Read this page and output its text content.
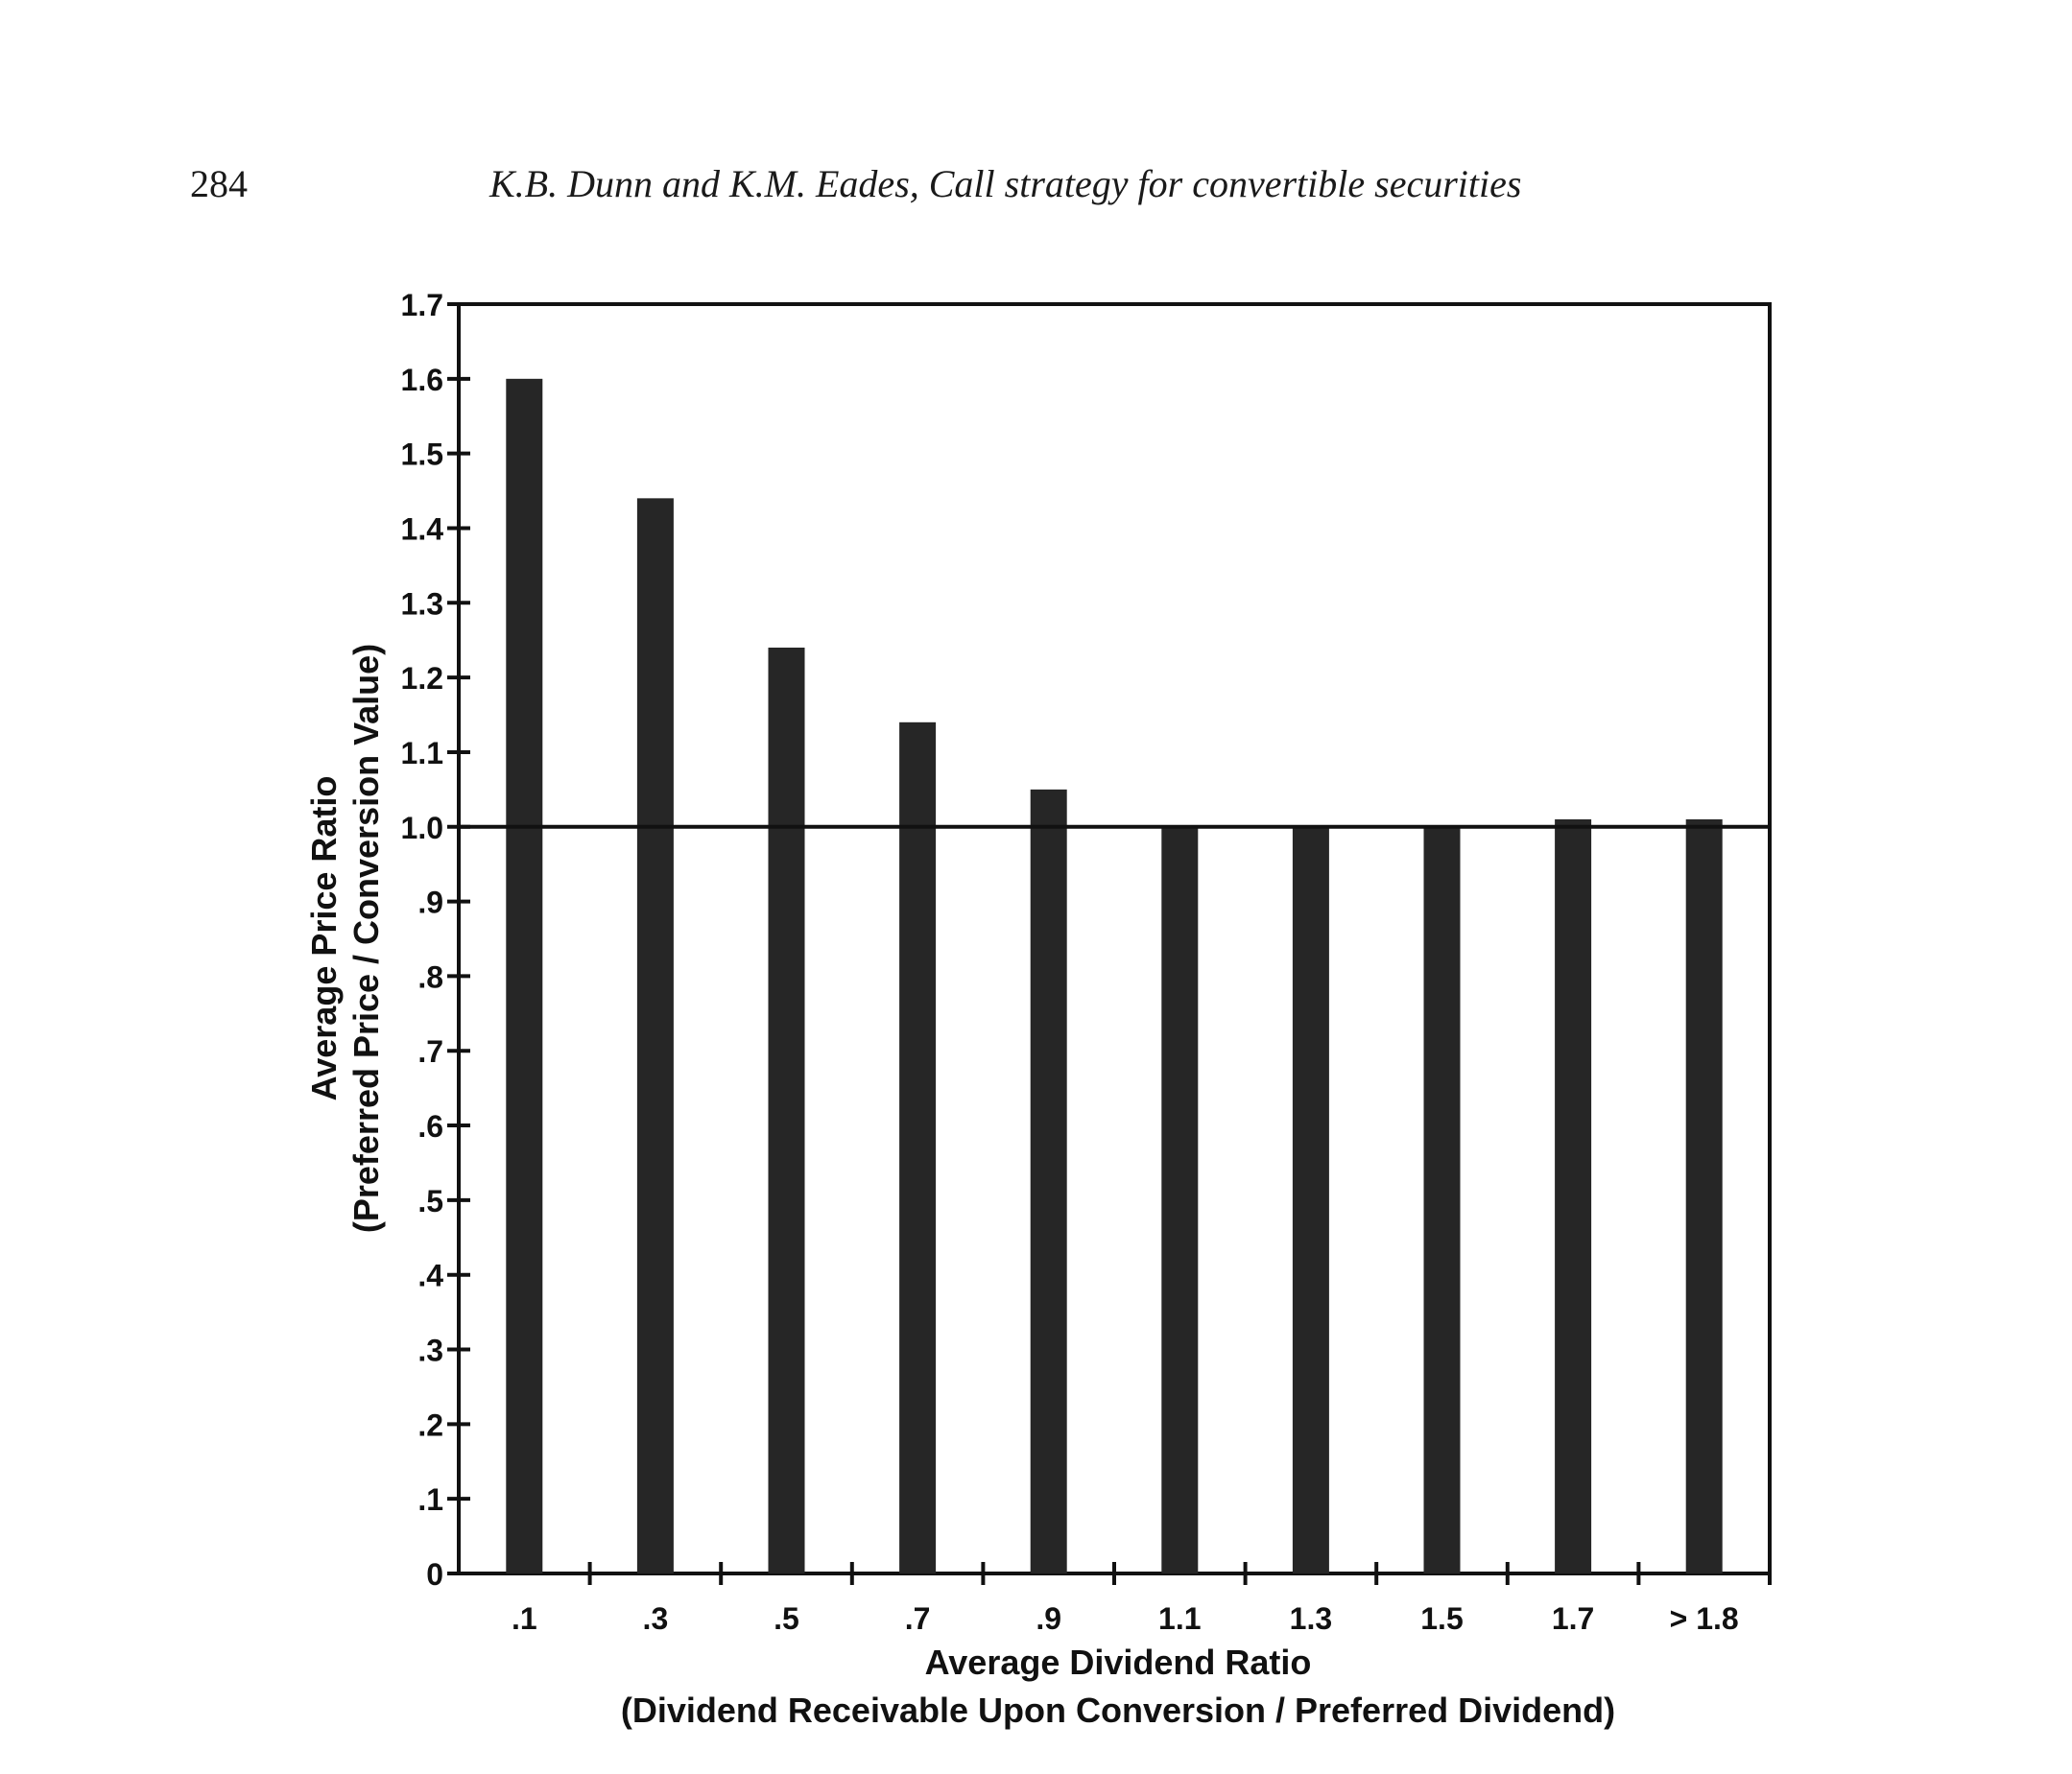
284	K.B. Dunn and K.M. Eades, Call strategy for convertible securities
0
.1
.2
.3
.4
.5
.6
.7
.8
.9
1.0
1.1
1.2
1.3
1.4
1.5
1.6
1.7
.1	.3	.5	.7	.9	1.1	1.3	1.5	1.7 > 1.8
Average Price Ratio (Preferred Price / Conversion Value)
Average Dividend Ratio
(Dividend Receivable Upon Conversion / Preferred Dividend)
